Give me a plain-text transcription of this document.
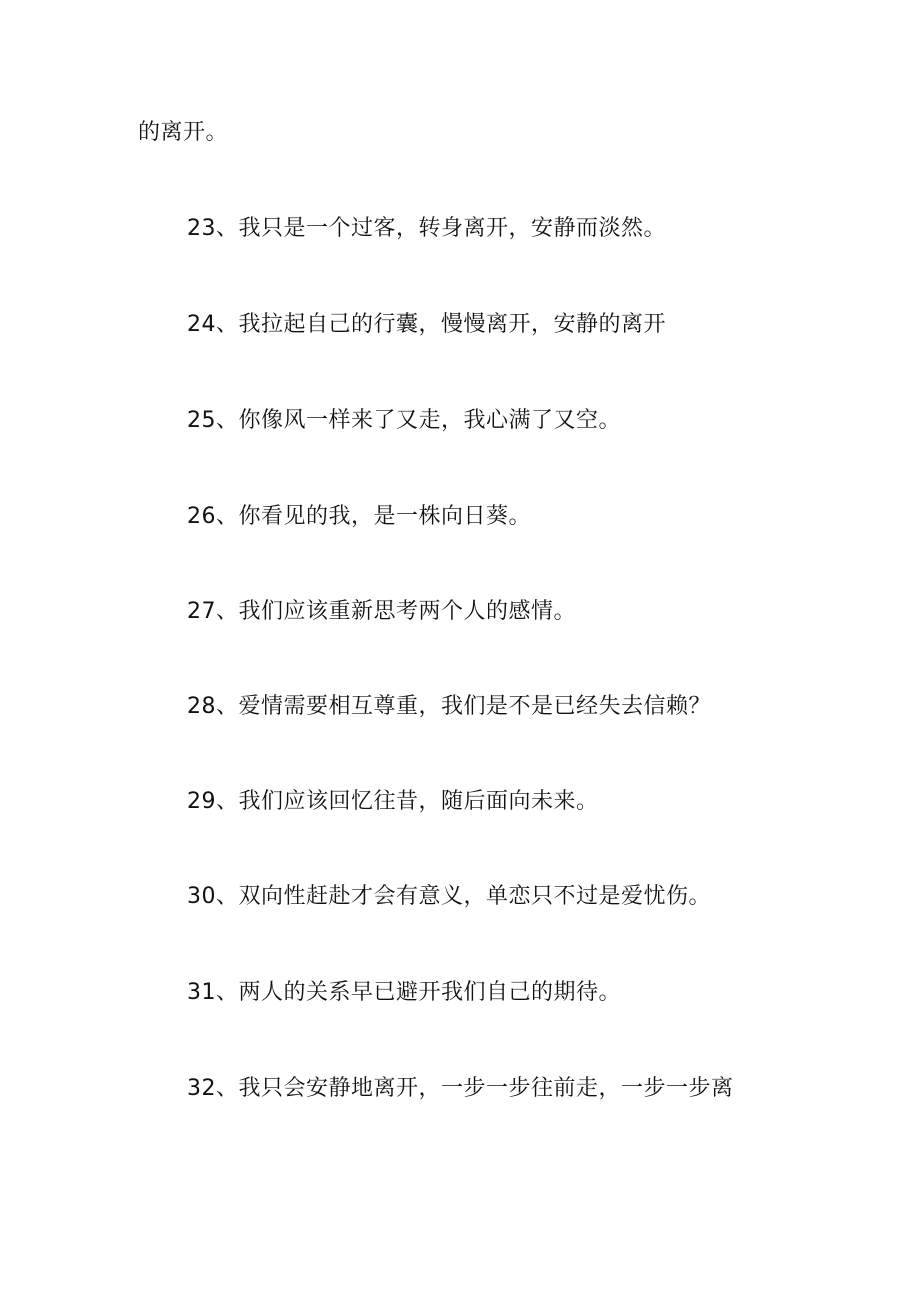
的离开。
23、我只是一个过客，转身离开，安静而淡然。
24、我拉起自己的行囊，慢慢离开，安静的离开
25、你像风一样来了又走，我心满了又空。
26、你看见的我，是一株向日葵。
27、我们应该重新思考两个人的感情。
28、爱情需要相互尊重，我们是不是已经失去信赖？
29、我们应该回忆往昔，随后面向未来。
30、双向性赶赴才会有意义，单恋只不过是爱忧伤。
31、两人的关系早已避开我们自己的期待。
32、我只会安静地离开，一步一步往前走，一步一步离
